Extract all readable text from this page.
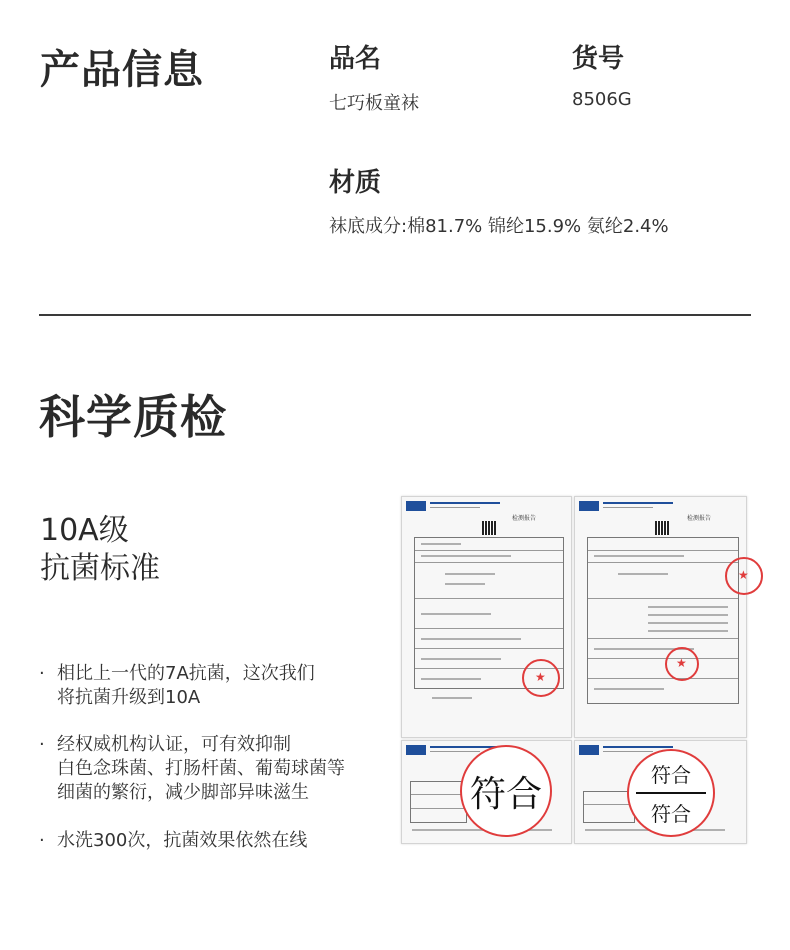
产品信息	品名
七巧板童袜
货号
8506G
材质
袜底成分:棉81.7% 锦纶15.9% 氨纶2.4%
科学质检
10A级
抗菌标准
· 相比上一代的7A抗菌，这次我们
将抗菌升级到10A
· 经权威机构认证，可有效抑制
白色念珠菌、打肠杆菌、葡萄球菌等
细菌的繁衍，减少脚部异味滋生
· 水洗300次，抗菌效果依然在线
检测报告
★
检测报告
★
★
符合	符合
符合
